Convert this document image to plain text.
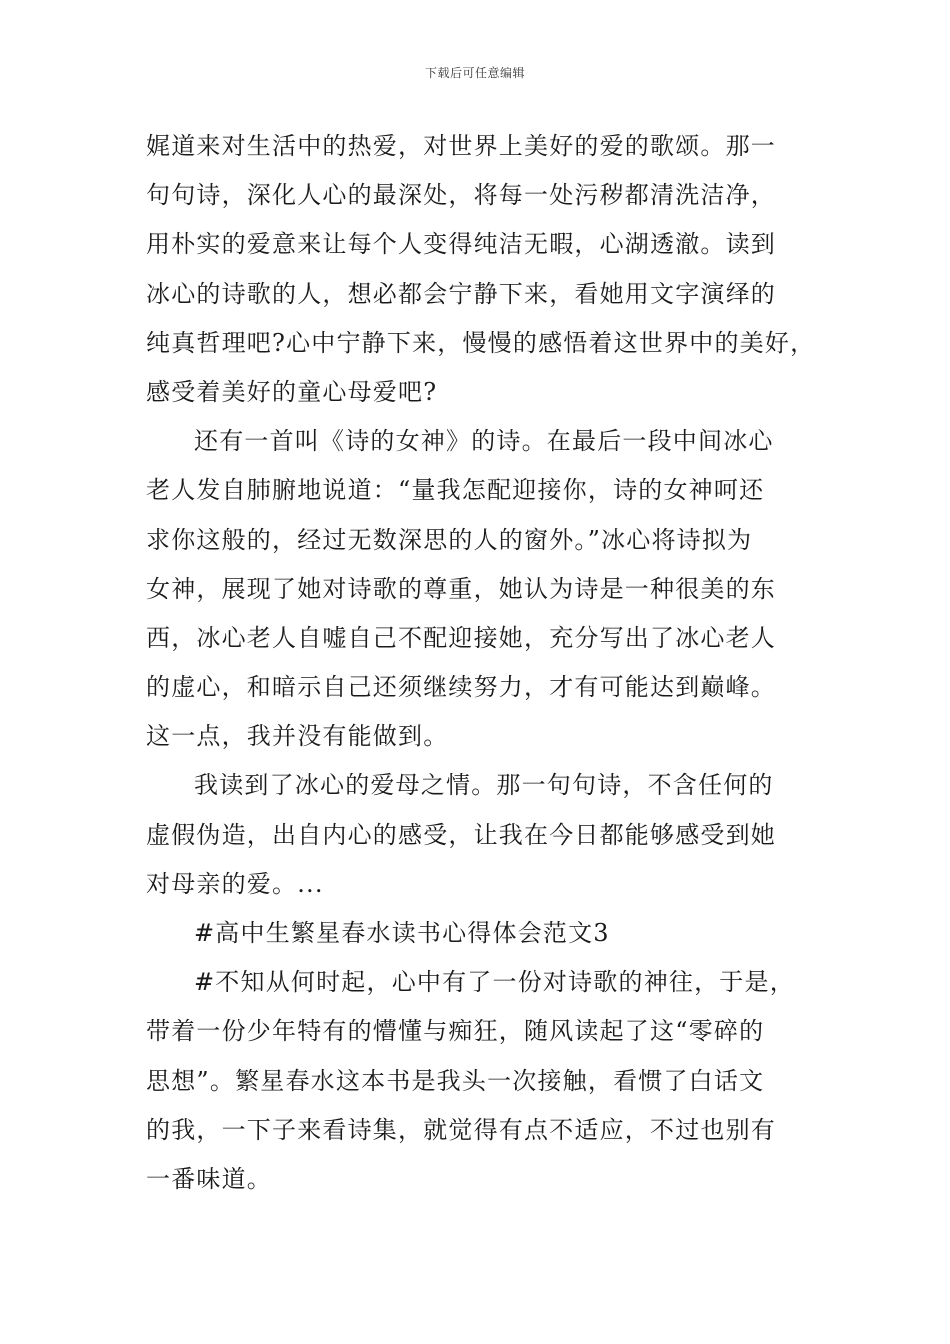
下载后可任意编辑
娓道来对生活中的热爱，对世界上美好的爱的歌颂。那一
句句诗，深化人心的最深处，将每一处污秽都清洗洁净，
用朴实的爱意来让每个人变得纯洁无暇，心湖透澈。读到
冰心的诗歌的人，想必都会宁静下来，看她用文字演绎的
纯真哲理吧?心中宁静下来，慢慢的感悟着这世界中的美好，
感受着美好的童心母爱吧?
还有一首叫《诗的女神》的诗。在最后一段中间冰心
老人发自肺腑地说道：“量我怎配迎接你，诗的女神呵还
求你这般的，经过无数深思的人的窗外。”冰心将诗拟为
女神，展现了她对诗歌的尊重，她认为诗是一种很美的东
西，冰心老人自嘘自己不配迎接她，充分写出了冰心老人
的虚心，和暗示自己还须继续努力，才有可能达到巅峰。
这一点，我并没有能做到。
我读到了冰心的爱母之情。那一句句诗，不含任何的
虚假伪造，出自内心的感受，让我在今日都能够感受到她
对母亲的爱。...
#高中生繁星春水读书心得体会范文3
#不知从何时起，心中有了一份对诗歌的神往，于是，
带着一份少年特有的懵懂与痴狂，随风读起了这“零碎的
思想”。繁星春水这本书是我头一次接触，看惯了白话文
的我，一下子来看诗集，就觉得有点不适应，不过也别有
一番味道。
